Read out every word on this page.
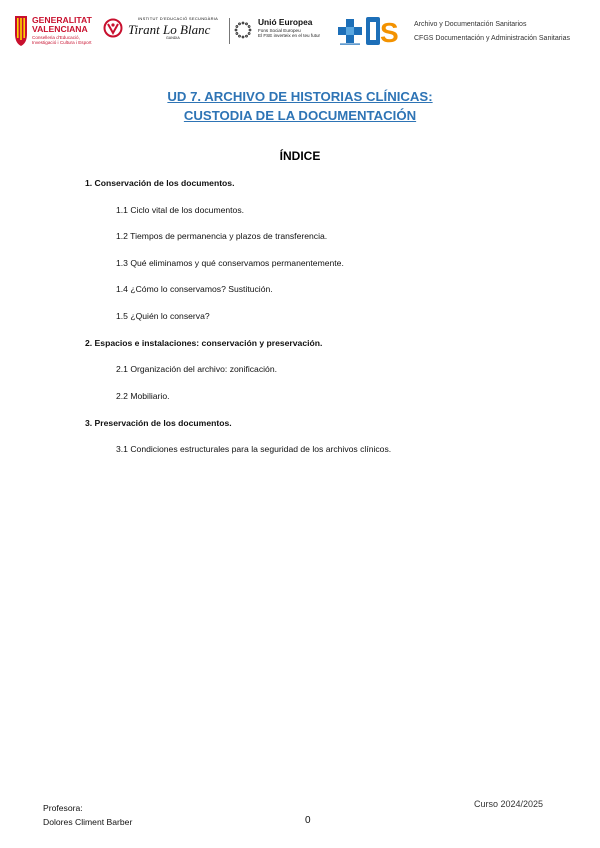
GENERALITAT
VALENCIANA
Conselleria d'Educació,
Investigació i Cultura i Esport
INSTITUT D'EDUCACIÓ SECUNDÀRIA
Tirant Lo Blanc
GANDIA
Unió Europea
Fons Social Europeu
El FSE inverteix en el teu futur S Archivo y Documentación Sanitarios
CFGS Documentación y Administración Sanitarias
UD 7. ARCHIVO DE HISTORIAS CLÍNICAS:
CUSTODIA DE LA DOCUMENTACIÓN
ÍNDICE
1. Conservación de los documentos.
1.1 Ciclo vital de los documentos.
1.2 Tiempos de permanencia y plazos de transferencia.
1.3 Qué eliminamos y qué conservamos permanentemente.
1.4 ¿Cómo lo conservamos? Sustitución.
1.5 ¿Quién lo conserva?
2. Espacios e instalaciones: conservación y preservación.
2.1 Organización del archivo: zonificación.
2.2 Mobiliario.
3. Preservación de los documentos.
3.1 Condiciones estructurales para la seguridad de los archivos clínicos.
Profesora:
Dolores Climent Barber	0
Curso 2024/2025
